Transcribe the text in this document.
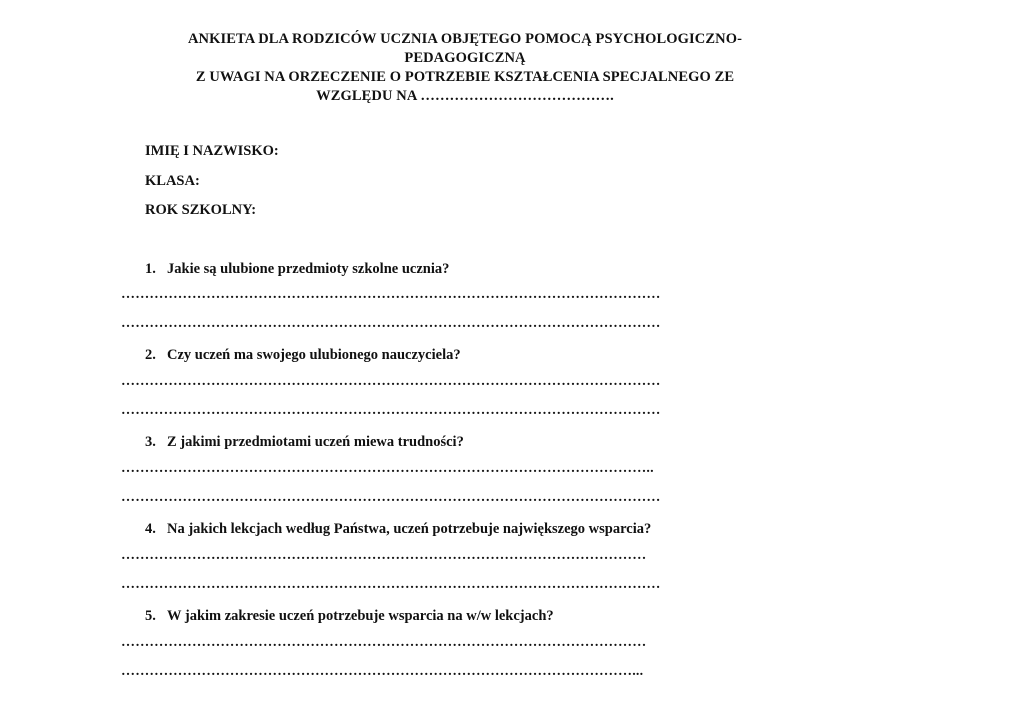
ANKIETA DLA RODZICÓW UCZNIA OBJĘTEGO POMOCĄ PSYCHOLOGICZNO-
PEDAGOGICZNĄ
Z UWAGI NA ORZECZENIE O POTRZEBIE KSZTAŁCENIA SPECJALNEGO ZE
WZGLĘDU NA ………………………………….
IMIĘ I NAZWISKO:
KLASA:
ROK SZKOLNY:
1. Jakie są ulubione przedmioty szkolne ucznia?
……………………………………………………………………………………………………
……………………………………………………………………………………………………
2. Czy uczeń ma swojego ulubionego nauczyciela?
……………………………………………………………………………………………………
……………………………………………………………………………………………………
3. Z jakimi przedmiotami uczeń miewa trudności?
…………………………………………………………………………………………………..
……………………………………………………………………………………………………
4. Na jakich lekcjach według Państwa, uczeń potrzebuje największego wsparcia?
…………………………………………………………………………………………………
……………………………………………………………………………………………………
5. W jakim zakresie uczeń potrzebuje wsparcia na w/w lekcjach?
…………………………………………………………………………………………………
………………………………………………………………………………………………...
